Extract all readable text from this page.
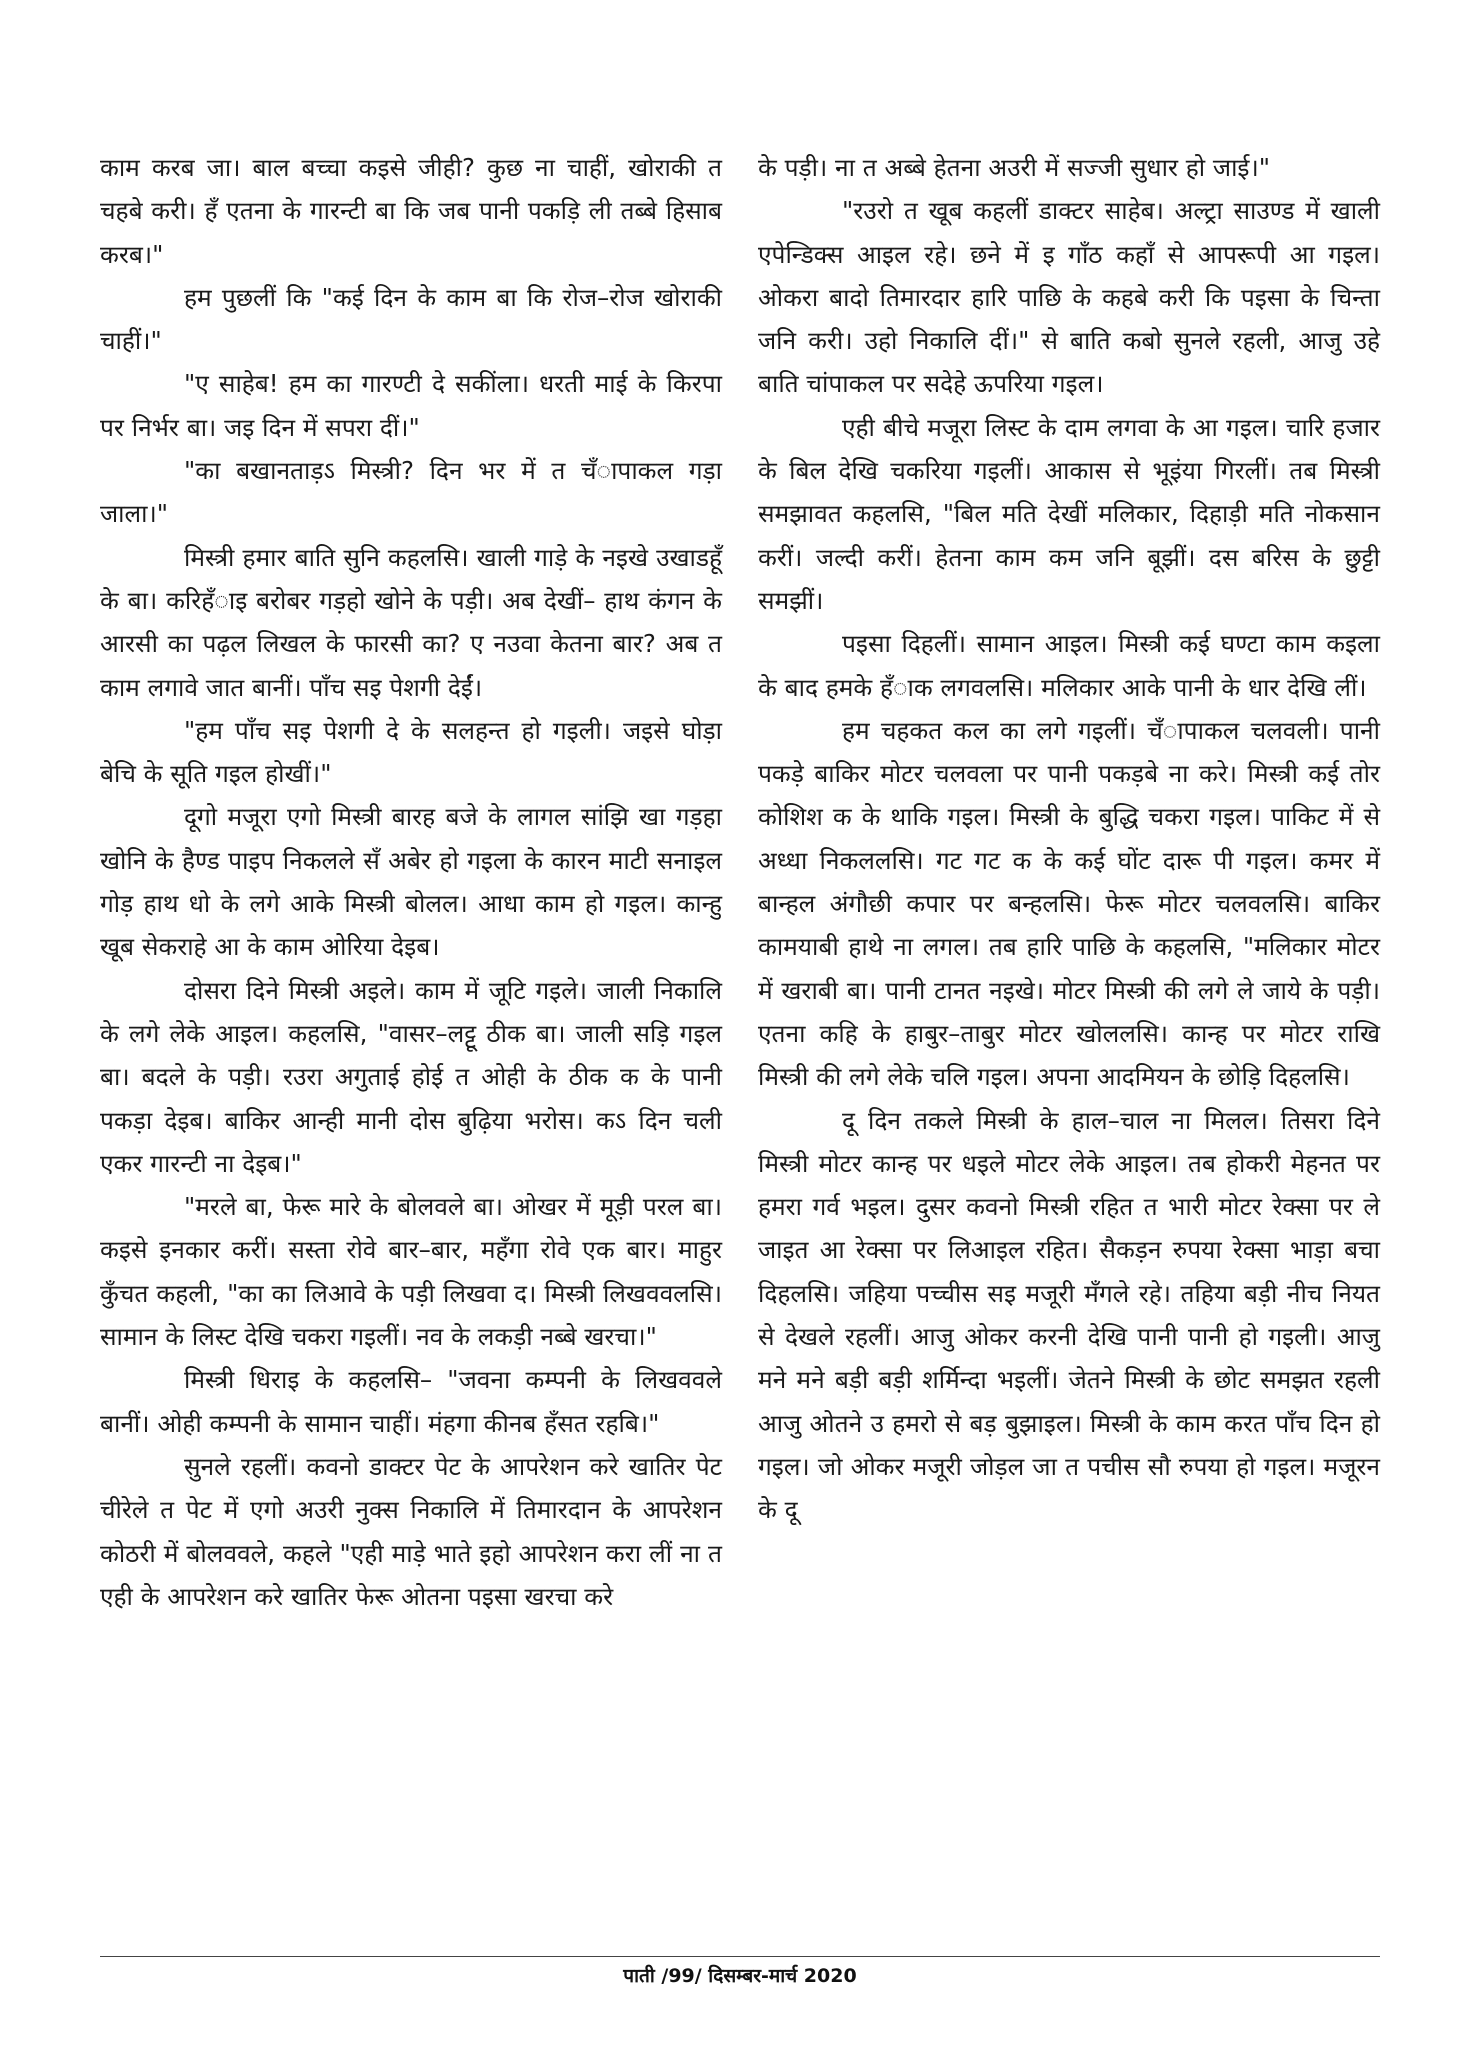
काम करब जा। बाल बच्चा कइसे जीही? कुछ ना चाहीं, खोराकी त चहबे करी। हँ एतना के गारन्टी बा कि जब पानी पकड़ि ली तब्बे हिसाब करब।"

हम पुछलीं कि "कई दिन के काम बा कि रोज–रोज खोराकी चाहीं।"

"ए साहेब! हम का गारण्टी दे सकींला। धरती माई के किरपा पर निर्भर बा। जइ दिन में सपरा दीं।"

"का बखानताड़ऽ मिस्त्री? दिन भर में त चँापाकल गड़ा जाला।"

मिस्त्री हमार बाति सुनि कहलसि। खाली गाड़े के नइखे उखाडहूँ के बा। करिहँाइ बरोबर गड़हो खोने के पड़ी। अब देखीं– हाथ कंगन के आरसी का पढ़ल लिखल के फारसी का? ए नउवा केतना बार? अब त काम लगावे जात बानीं। पाँच सइ पेशगी देईं।

"हम पाँच सइ पेशगी दे के सलहन्त हो गइली। जइसे घोड़ा बेचि के सूति गइल होखीं।"

दूगो मजूरा एगो मिस्त्री बारह बजे के लागल सांझि खा गड़हा खोनि के हैण्ड पाइप निकलले सँ अबेर हो गइला के कारन माटी सनाइल गोड़ हाथ धो के लगे आके मिस्त्री बोलल। आधा काम हो गइल। कान्हु खूब सेकराहे आ के काम ओरिया देइब।

दोसरा दिने मिस्त्री अइले। काम में जूटि गइले। जाली निकालि के लगे लेके आइल। कहलसि, "वासर–लट्टू ठीक बा। जाली सड़ि गइल बा। बदले के पड़ी। रउरा अगुताई होई त ओही के ठीक क के पानी पकड़ा देइब। बाकिर आन्ही मानी दोस बुढ़िया भरोस। कऽ दिन चली एकर गारन्टी ना देइब।"

"मरले बा, फेरू मारे के बोलवले बा। ओखर में मूड़ी परल बा। कइसे इनकार करीं। सस्ता रोवे बार–बार, महँगा रोवे एक बार। माहुर कुँचत कहली, "का का लिआवे के पड़ी लिखवा द। मिस्त्री लिखववलसि। सामान के लिस्ट देखि चकरा गइलीं। नव के लकड़ी नब्बे खरचा।"

मिस्त्री धिराइ के कहलसि– "जवना कम्पनी के लिखववले बानीं। ओही कम्पनी के सामान चाहीं। मंहगा कीनब हँसत रहबि।"

सुनले रहलीं। कवनो डाक्टर पेट के आपरेशन करे खातिर पेट चीरेले त पेट में एगो अउरी नुक्स निकालि में तिमारदान के आपरेशन कोठरी में बोलववले, कहले "एही माड़े भाते इहो आपरेशन करा लीं ना त एही के आपरेशन करे खातिर फेरू ओतना पइसा खरचा करे

के पड़ी। ना त अब्बे हेतना अउरी में सज्जी सुधार हो जाई।"

"रउरो त खूब कहलीं डाक्टर साहेब। अल्ट्रा साउण्ड में खाली एपेन्डिक्स आइल रहे। छने में इ गाँठ कहाँ से आपरूपी आ गइल। ओकरा बादो तिमारदार हारि पाछि के कहबे करी कि पइसा के चिन्ता जनि करी। उहो निकालि दीं।" से बाति कबो सुनले रहली, आजु उहे बाति चांपाकल पर सदेहे ऊपरिया गइल।

एही बीचे मजूरा लिस्ट के दाम लगवा के आ गइल। चारि हजार के बिल देखि चकरिया गइलीं। आकास से भूइंया गिरलीं। तब मिस्त्री समझावत कहलसि, "बिल मति देखीं मलिकार, दिहाड़ी मति नोकसान करीं। जल्दी करीं। हेतना काम कम जनि बूझीं। दस बरिस के छुट्टी समझीं।

पइसा दिहलीं। सामान आइल। मिस्त्री कई घण्टा काम कइला के बाद हमके हँाक लगवलसि। मलिकार आके पानी के धार देखि लीं।

हम चहकत कल का लगे गइलीं। चँापाकल चलवली। पानी पकड़े बाकिर मोटर चलवला पर पानी पकड़बे ना करे। मिस्त्री कई तोर कोशिश क के थाकि गइल। मिस्त्री के बुद्धि चकरा गइल। पाकिट में से अध्धा निकललसि। गट गट क के कई घोंट दारू पी गइल। कमर में बान्हल अंगौछी कपार पर बन्हलसि। फेरू मोटर चलवलसि। बाकिर कामयाबी हाथे ना लगल। तब हारि पाछि के कहलसि, "मलिकार मोटर में खराबी बा। पानी टानत नइखे। मोटर मिस्त्री की लगे ले जाये के पड़ी। एतना कहि के हाबुर–ताबुर मोटर खोललसि। कान्ह पर मोटर राखि मिस्त्री की लगे लेके चलि गइल। अपना आदमियन के छोड़ि दिहलसि।

दू दिन तकले मिस्त्री के हाल–चाल ना मिलल। तिसरा दिने मिस्त्री मोटर कान्ह पर धइले मोटर लेके आइल। तब होकरी मेहनत पर हमरा गर्व भइल। दुसर कवनो मिस्त्री रहित त भारी मोटर रेक्सा पर ले जाइत आ रेक्सा पर लिआइल रहित। सैकड़न रुपया रेक्सा भाड़ा बचा दिहलसि। जहिया पच्चीस सइ मजूरी मँगले रहे। तहिया बड़ी नीच नियत से देखले रहलीं। आजु ओकर करनी देखि पानी पानी हो गइली। आजु मने मने बड़ी बड़ी शर्मिन्दा भइलीं। जेतने मिस्त्री के छोट समझत रहली आजु ओतने उ हमरो से बड़ बुझाइल। मिस्त्री के काम करत पाँच दिन हो गइल। जो ओकर मजूरी जोड़ल जा त पचीस सौ रुपया हो गइल। मजूरन के दू

पाती /99/ दिसम्बर-मार्च 2020
